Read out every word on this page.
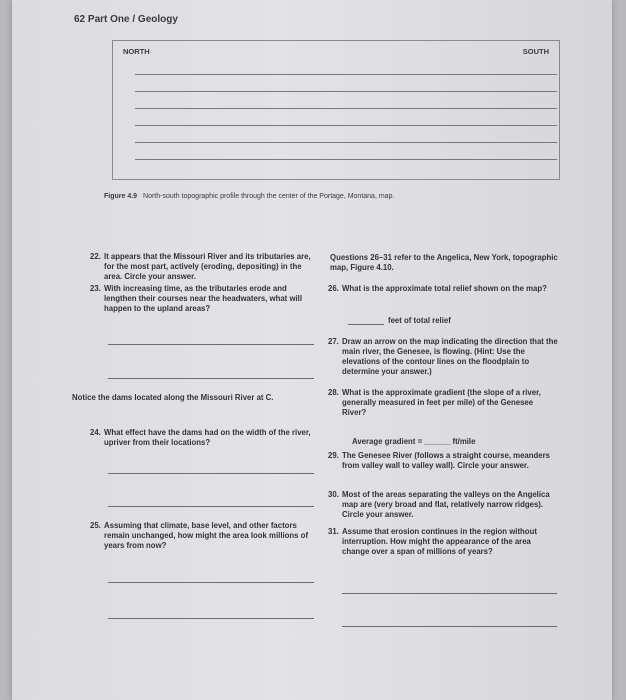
62 Part One / Geology
NORTH	SOUTH
Figure 4.9 North-south topographic profile through the center of the Portage, Montana, map.
22. It appears that the Missouri River and its tributaries are, for the most part, actively (eroding, depositing) in the area. Circle your answer.
23. With increasing time, as the tributaries erode and lengthen their courses near the headwaters, what will happen to the upland areas?
Notice the dams located along the Missouri River at C.
24. What effect have the dams had on the width of the river, upriver from their locations?
25. Assuming that climate, base level, and other factors remain unchanged, how might the area look millions of years from now?
Questions 26–31 refer to the Angelica, New York, topographic map, Figure 4.10.
26. What is the approximate total relief shown on the map?
feet of total relief
27. Draw an arrow on the map indicating the direction that the main river, the Genesee, is flowing. (Hint: Use the elevations of the contour lines on the floodplain to determine your answer.)
28. What is the approximate gradient (the slope of a river, generally measured in feet per mile) of the Genesee River?
Average gradient = ______ ft/mile
29. The Genesee River (follows a straight course, meanders from valley wall to valley wall). Circle your answer.
30. Most of the areas separating the valleys on the Angelica map are (very broad and flat, relatively narrow ridges). Circle your answer.
31. Assume that erosion continues in the region without interruption. How might the appearance of the area change over a span of millions of years?
